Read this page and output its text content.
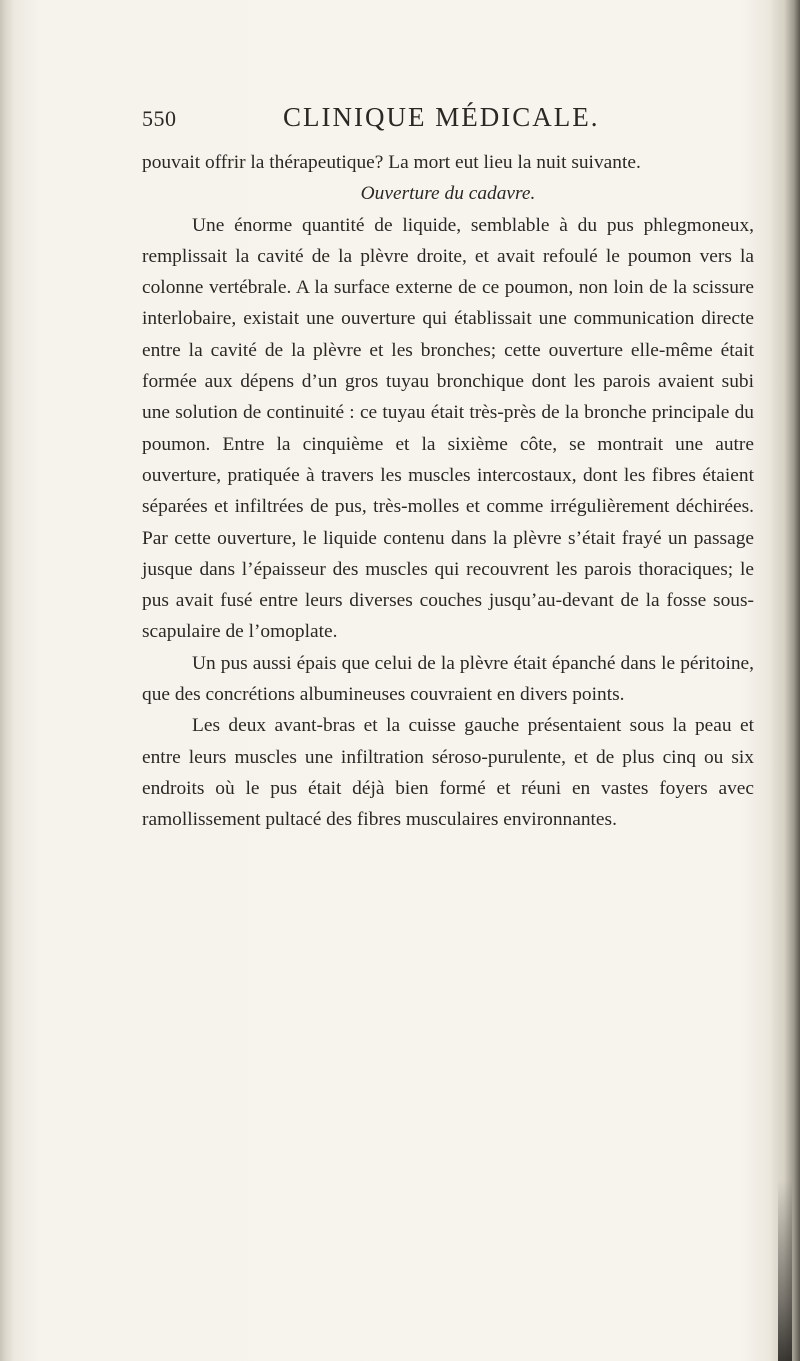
550	CLINIQUE MÉDICALE.

pouvait offrir la thérapeutique? La mort eut lieu la nuit suivante.

Ouverture du cadavre.

Une énorme quantité de liquide, semblable à du pus phlegmoneux, remplissait la cavité de la plèvre droite, et avait refoulé le poumon vers la colonne vertébrale. A la surface externe de ce poumon, non loin de la scissure interlobaire, existait une ouverture qui établissait une communication directe entre la cavité de la plèvre et les bronches; cette ouverture elle-même était formée aux dépens d’un gros tuyau bronchique dont les parois avaient subi une solution de continuité : ce tuyau était très-près de la bronche principale du poumon. Entre la cinquième et la sixième côte, se montrait une autre ouverture, pratiquée à travers les muscles intercostaux, dont les fibres étaient séparées et infiltrées de pus, très-molles et comme irrégulièrement déchirées. Par cette ouverture, le liquide contenu dans la plèvre s’était frayé un passage jusque dans l’épaisseur des muscles qui recouvrent les parois thoraciques; le pus avait fusé entre leurs diverses couches jusqu’au-devant de la fosse sous-scapulaire de l’omoplate.

Un pus aussi épais que celui de la plèvre était épanché dans le péritoine, que des concrétions albumineuses couvraient en divers points.

Les deux avant-bras et la cuisse gauche présentaient sous la peau et entre leurs muscles une infiltration séroso-purulente, et de plus cinq ou six endroits où le pus était déjà bien formé et réuni en vastes foyers avec ramollissement pultacé des fibres musculaires environnantes.
